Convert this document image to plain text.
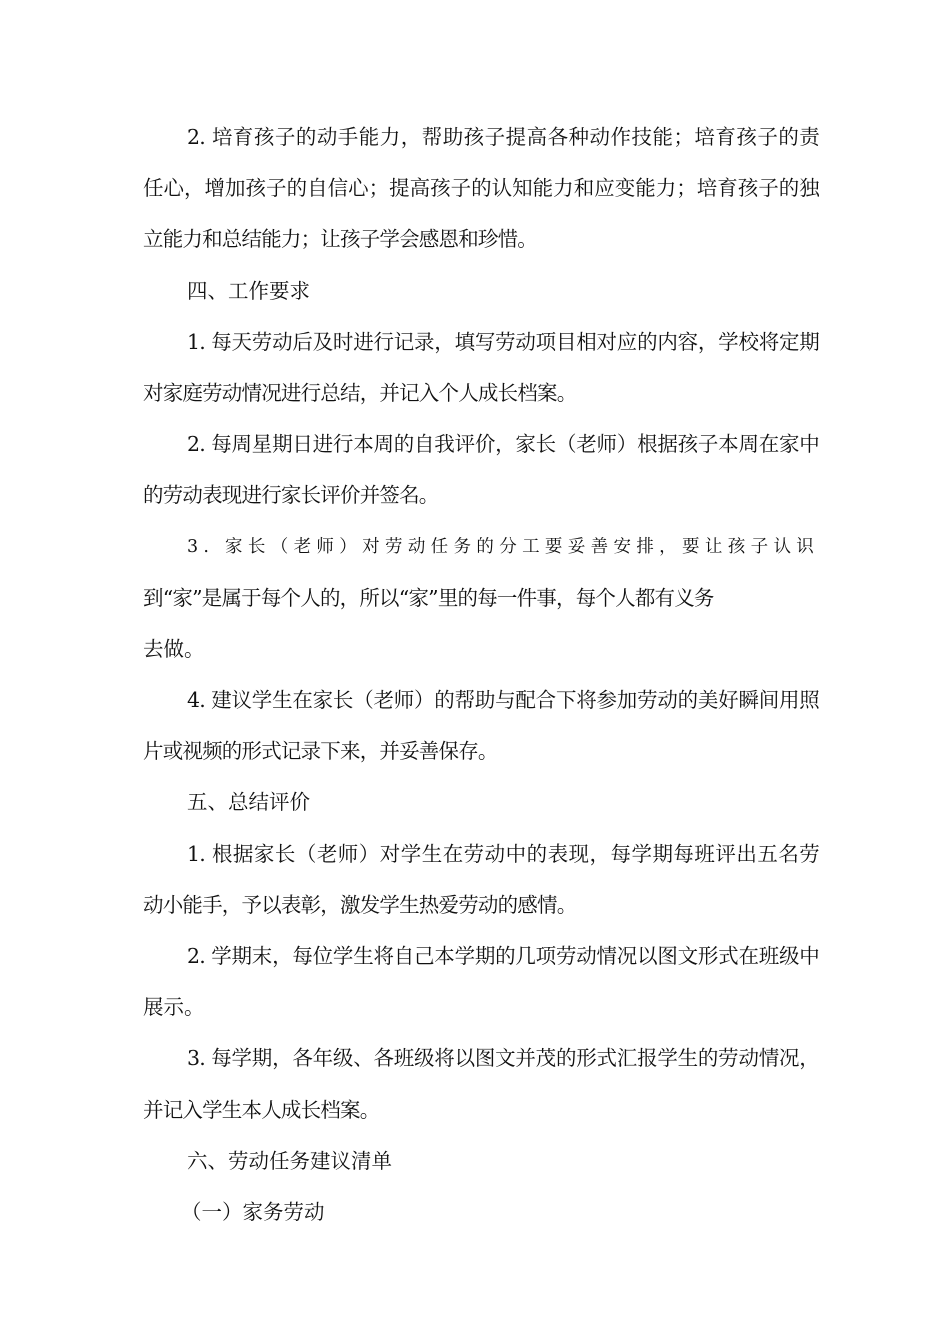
2. 培育孩子的动手能力，帮助孩子提高各种动作技能；培育孩子的责
任心，增加孩子的自信心；提高孩子的认知能力和应变能力；培育孩子的独
立能力和总结能力；让孩子学会感恩和珍惜。
四、工作要求
1. 每天劳动后及时进行记录，填写劳动项目相对应的内容，学校将定期
对家庭劳动情况进行总结，并记入个人成长档案。
2. 每周星期日进行本周的自我评价，家长（老师）根据孩子本周在家中
的劳动表现进行家长评价并签名。
3. 家长（老师）对劳动任务的分工要妥善安排，要让孩子认识
到“家”是属于每个人的，所以“家”里的每一件事，每个人都有义务
去做。
4. 建议学生在家长（老师）的帮助与配合下将参加劳动的美好瞬间用照
片或视频的形式记录下来，并妥善保存。
五、总结评价
1. 根据家长（老师）对学生在劳动中的表现，每学期每班评出五名劳
动小能手，予以表彰，激发学生热爱劳动的感情。
2. 学期末，每位学生将自己本学期的几项劳动情况以图文形式在班级中
展示。
3. 每学期，各年级、各班级将以图文并茂的形式汇报学生的劳动情况，
并记入学生本人成长档案。
六、劳动任务建议清单
（一）家务劳动
